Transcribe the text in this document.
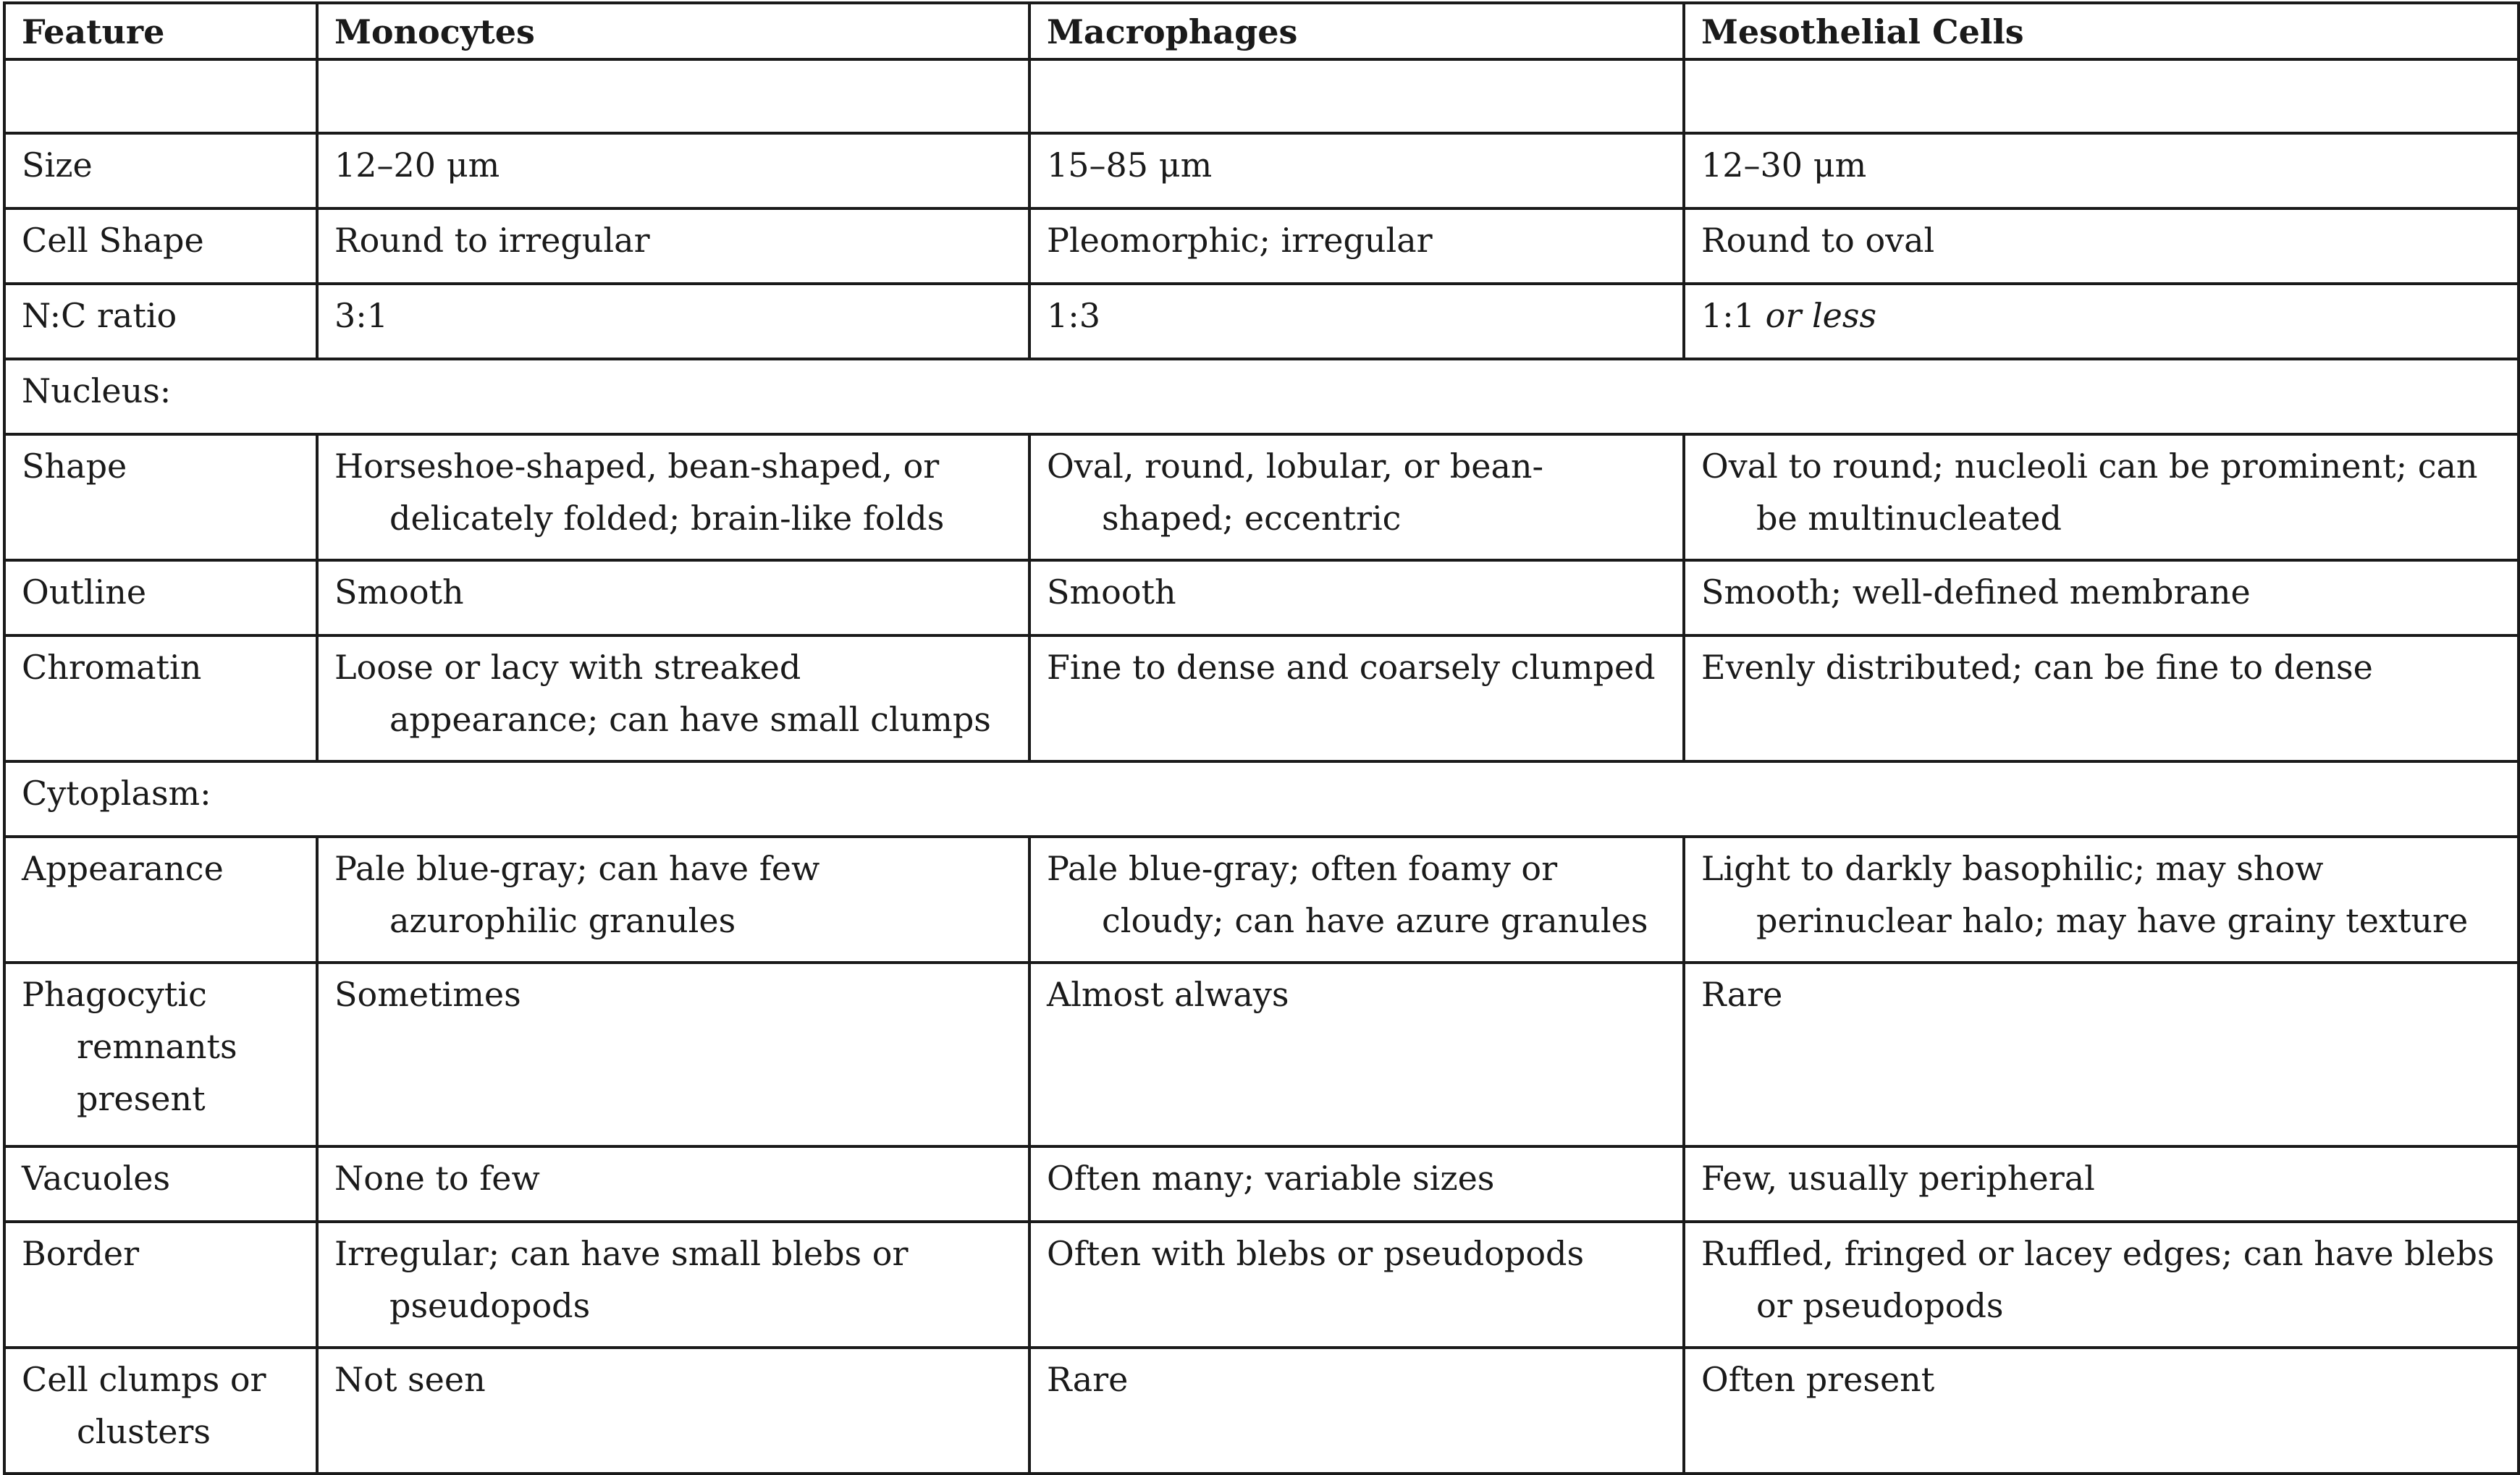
Feature	Monocytes	Macrophages	Mesothelial Cells

Size	12–20 μm	15–85 μm	12–30 μm
Cell Shape	Round to irregular	Pleomorphic; irregular	Round to oval
N:C ratio	3:1	1:3	1:1 or less
Nucleus:			
Shape	Horseshoe-shaped, bean-shaped, or delicately folded; brain-like folds	Oval, round, lobular, or bean-shaped; eccentric	Oval to round; nucleoli can be prominent; can be multinucleated

Outline	Smooth	Smooth	Smooth; well-defined membrane
Chromatin	Loose or lacy with streaked appearance; can have small clumps	Fine to dense and coarsely clumped	Evenly distributed; can be fine to dense

Cytoplasm:			
Appearance	Pale blue-gray; can have few azurophilic granules	Pale blue-gray; often foamy or cloudy; can have azure granules	Light to darkly basophilic; may show perinuclear halo; may have grainy texture

Phagocytic remnants present	Sometimes	Almost always	Rare
Vacuoles	None to few	Often many; variable sizes	Few, usually peripheral
Border	Irregular; can have small blebs or pseudopods	Often with blebs or pseudopods	Ruffled, fringed or lacey edges; can have blebs or pseudopods

Cell clumps or clusters	Not seen	Rare	Often present
